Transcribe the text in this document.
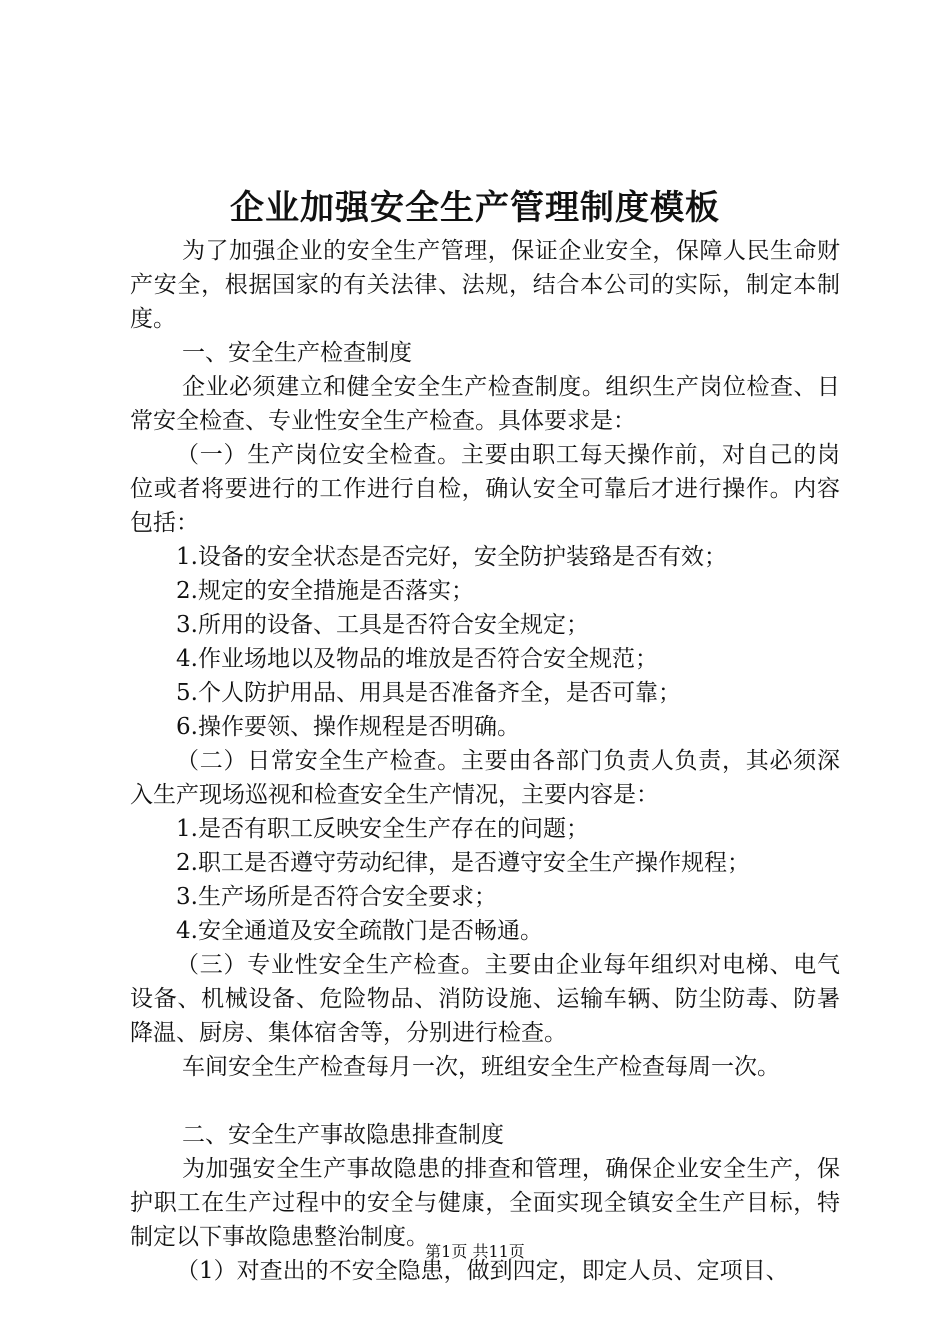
企业加强安全生产管理制度模板

为了加强企业的安全生产管理，保证企业安全，保障人民生命财产安全，根据国家的有关法律、法规，结合本公司的实际，制定本制度。

一、安全生产检查制度

企业必须建立和健全安全生产检查制度。组织生产岗位检查、日常安全检查、专业性安全生产检查。具体要求是：

（一）生产岗位安全检查。主要由职工每天操作前，对自己的岗位或者将要进行的工作进行自检，确认安全可靠后才进行操作。内容包括：

1.设备的安全状态是否完好，安全防护装臵是否有效；

2.规定的安全措施是否落实；

3.所用的设备、工具是否符合安全规定；

4.作业场地以及物品的堆放是否符合安全规范；

5.个人防护用品、用具是否准备齐全，是否可靠；

6.操作要领、操作规程是否明确。

（二）日常安全生产检查。主要由各部门负责人负责，其必须深入生产现场巡视和检查安全生产情况，主要内容是：

1.是否有职工反映安全生产存在的问题；

2.职工是否遵守劳动纪律，是否遵守安全生产操作规程；

3.生产场所是否符合安全要求；

4.安全通道及安全疏散门是否畅通。

（三）专业性安全生产检查。主要由企业每年组织对电梯、电气设备、机械设备、危险物品、消防设施、运输车辆、防尘防毒、防暑降温、厨房、集体宿舍等，分别进行检查。

车间安全生产检查每月一次，班组安全生产检查每周一次。

二、安全生产事故隐患排查制度

为加强安全生产事故隐患的排查和管理，确保企业安全生产，保护职工在生产过程中的安全与健康，全面实现全镇安全生产目标，特制定以下事故隐患整治制度。

（1）对查出的不安全隐患，做到四定，即定人员、定项目、

第1页 共11页
